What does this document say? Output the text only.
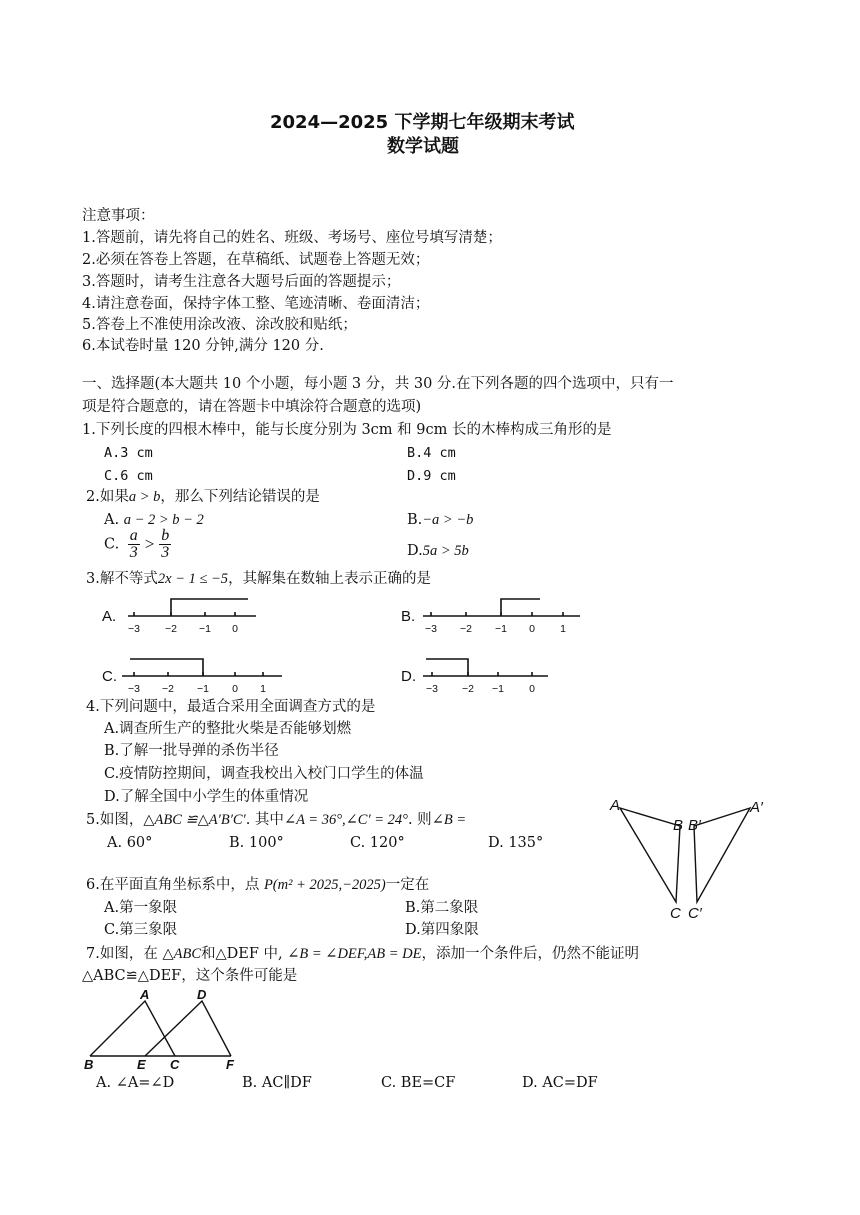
2024—2025 下学期七年级期末考试
数学试题
注意事项：
1.答题前，请先将自己的姓名、班级、考场号、座位号填写清楚；
2.必须在答卷上答题，在草稿纸、试题卷上答题无效；
3.答题时，请考生注意各大题号后面的答题提示；
4.请注意卷面，保持字体工整、笔迹清晰、卷面清洁；
5.答卷上不准使用涂改液、涂改胶和贴纸；
6.本试卷时量 120 分钟,满分 120 分.
一、选择题(本大题共 10 个小题，每小题 3 分，共 30 分.在下列各题的四个选项中，只有一
项是符合题意的，请在答题卡中填涂符合题意的选项)
1.下列长度的四根木棒中，能与长度分别为 3cm 和 9cm 长的木棒构成三角形的是
A.3 cm	B.4 cm
C.6 cm	D.9 cm
2.如果a > b，那么下列结论错误的是
A. a − 2 > b − 2	B.−a > −b
C. $\frac{a}{3} > \frac{b}{3}$	D.5a > 5b
3.解不等式2x − 1 ≤ −5，其解集在数轴上表示正确的是
A.	B.
C.	D.
−3 −2 −1 0	−3 −2 −1 0 1
−3 −2 −1 0 1	−3 −2 −1 0
4.下列问题中，最适合采用全面调查方式的是
A.调查所生产的整批火柴是否能够划燃
B.了解一批导弹的杀伤半径
C.疫情防控期间，调查我校出入校门口学生的体温
D.了解全国中小学生的体重情况
5.如图，△ABC ≌△A′B′C′. 其中∠A = 36°,∠C′ = 24°. 则∠B =
A. 60°	B. 100°	C. 120°	D. 135°
A
B B′
A′
C C′
6.在平面直角坐标系中，点 P(m² + 2025,−2025)一定在
A.第一象限	B.第二象限
C.第三象限	D.第四象限
7.如图，在 △ABC和△DEF 中, ∠B = ∠DEF,AB = DE，添加一个条件后，仍然不能证明
△ABC≌△DEF，这个条件可能是
A	D
B	E C	F
A. ∠A=∠D	B. AC∥DF	C. BE=CF	D. AC=DF
